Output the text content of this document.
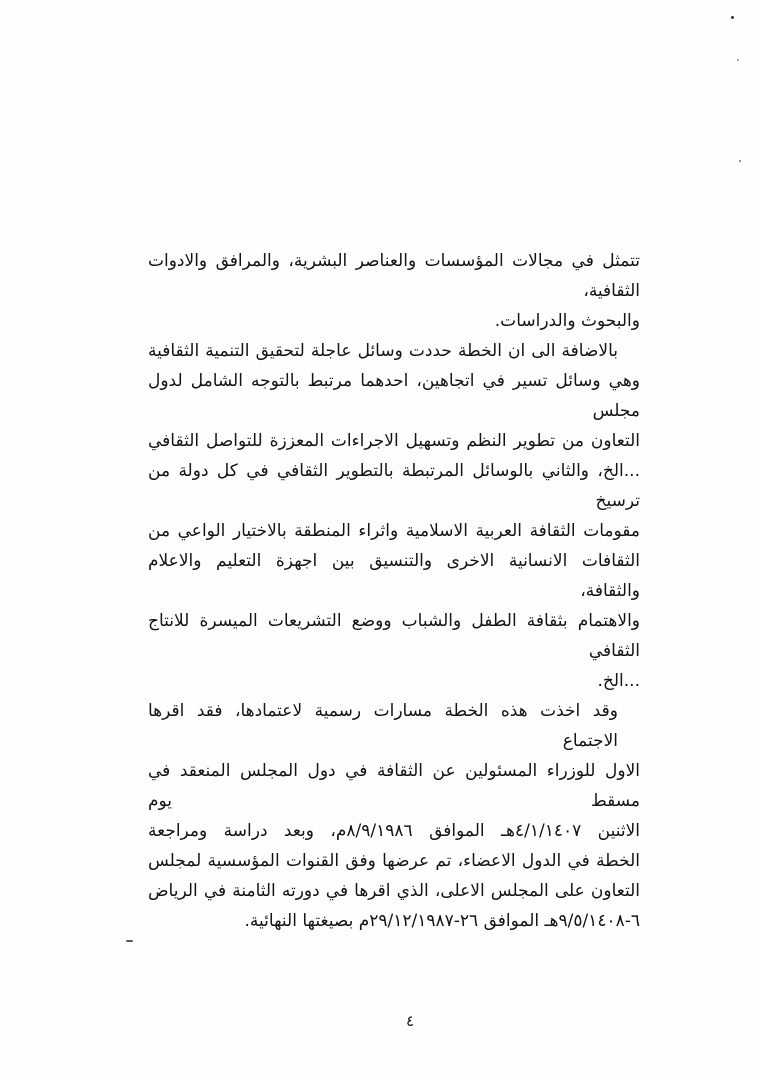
تتمثل في مجالات المؤسسات والعناصر البشرية، والمرافق والادوات الثقافية،
والبحوث والدراسات.
بالاضافة الى ان الخطة حددت وسائل عاجلة لتحقيق التنمية الثقافية
وهي وسائل تسير في اتجاهين، احدهما مرتبط بالتوجه الشامل لدول مجلس
التعاون من تطوير النظم وتسهيل الاجراءات المعززة للتواصل الثقافي
...الخ، والثاني بالوسائل المرتبطة بالتطوير الثقافي في كل دولة من ترسيخ
مقومات الثقافة العربية الاسلامية واثراء المنطقة بالاختيار الواعي من
الثقافات الانسانية الاخرى والتنسيق بين اجهزة التعليم والاعلام والثقافة،
والاهتمام بثقافة الطفل والشباب ووضع التشريعات الميسرة للانتاج الثقافي
...الخ.
وقد اخذت هذه الخطة مسارات رسمية لاعتمادها، فقد اقرها الاجتماع
الاول للوزراء المسئولين عن الثقافة في دول المجلس المنعقد في مسقط يوم
الاثنين ٤/١/١٤٠٧هـ الموافق ٨/٩/١٩٨٦م، وبعد دراسة ومراجعة
الخطة في الدول الاعضاء، تم عرضها وفق القنوات المؤسسية لمجلس
التعاون على المجلس الاعلى، الذي اقرها في دورته الثامنة في الرياض
٦-٩/٥/١٤٠٨هـ الموافق ٢٦-٢٩/١٢/١٩٨٧م بصيغتها النهائية.
٤
